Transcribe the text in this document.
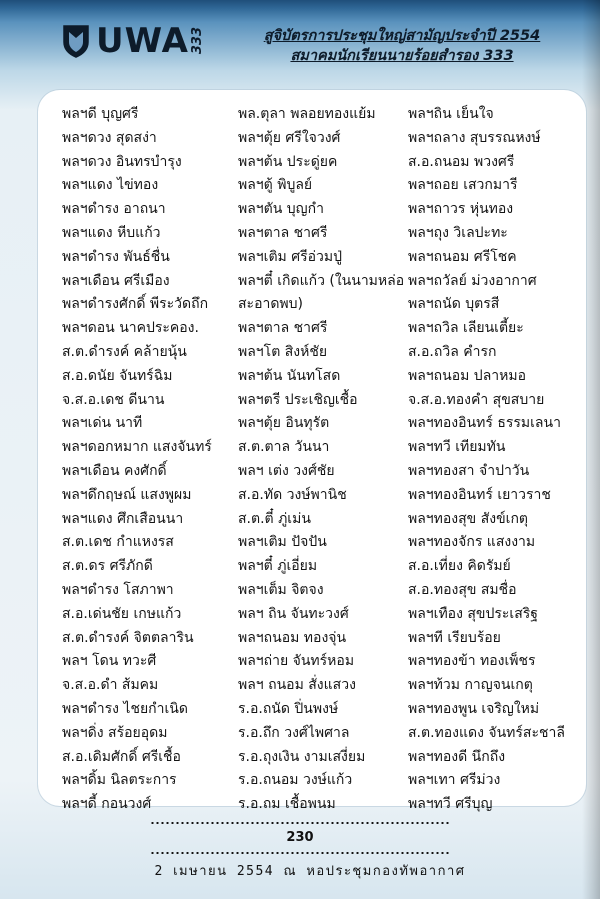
UWA 333	สูจิบัตรการประชุมใหญ่สามัญประจำปี 2554
สมาคมนักเรียนนายร้อยสำรอง 333
พลฯดี บุญศรี
พลฯดวง สุดสง่า
พลฯดวง อินทรบำรุง
พลฯแดง ไข่ทอง
พลฯดำรง อาถนา
พลฯแดง หีบแก้ว
พลฯดำรง พันธ์ชื่น
พลฯเดือน ศรีเมือง
พลฯดำรงศักดิ์ พีระวัดถึก
พลฯดอน นาคประคอง.
ส.ต.ดำรงค์ คล้ายนุ้น
ส.อ.ดนัย จันทร์ฉิม
จ.ส.อ.เดช ดีนาน
พลฯเด่น นาที
พลฯดอกหมาก แสงจันทร์
พลฯเดือน คงศักดิ์
พลฯดึกฤษณ์ แสงพูผม
พลฯแดง ศึกเสือนนา
ส.ต.เดช กำแหงรส
ส.ต.ดร ศรีภักดี
พลฯดำรง โสภาพา
ส.อ.เด่นชัย เกษแก้ว
ส.ต.ดำรงค์ จิตตลาริน
พลฯ โดน ทวะศี
จ.ส.อ.ดำ ส้มคม
พลฯดำรง ไชยกำเนิด
พลฯดิ่ง สร้อยอุดม
ส.อ.เดิมศักดิ์ ศรีเชื้อ
พลฯดิ้ม นิลตระการ
พลฯดี้ กอนวงศ์
พล.ตุลา พลอยทองแย้ม
พลฯตุ้ย ศรีใจวงศ์
พลฯต้น ประดู่ยค
พลฯตู้ พิบูลย์
พลฯตัน บุญกำ
พลฯตาล ชาศรี
พลฯเติม ศรีอ่วมปู่
พลฯตี๋ เกิดแก้ว (ในนามหล่อ
สะอาดพบ)
พลฯตาล ชาศรี
พลฯโต สิงห์ชัย
พลฯต้น นันทโสด
พลฯตรี ประเชิญเชื้อ
พลฯตุ้ย อินทุรัต
ส.ต.ตาล วันนา
พลฯ เต่ง วงศ์ชัย
ส.อ.ทัด วงษ์พานิช
ส.ต.ตี๋ ภู่เม่น
พลฯเติม ปัจปัน
พลฯตี๋ ภู่เอี่ยม
พลฯเต็ม จิตจง
พลฯ ถิน จันทะวงศ์
พลฯถนอม ทองจุ่น
พลฯถ่าย จันทร์หอม
พลฯ ถนอม สั่งแสวง
ร.อ.ถนัด ปิ่นพงษ์
ร.อ.ถึก วงศ์ไพศาล
ร.อ.ถุงเงิน งามเสงี่ยม
ร.อ.ถนอม วงษ์แก้ว
ร.อ.ถม เชื้อพนม
พลฯถิน เย็นใจ
พลฯถลาง สุบรรณหงษ์
ส.อ.ถนอม พวงศรี
พลฯถอย เสวกมารี
พลฯถาวร หุ่นทอง
พลฯถุง วิเลปะทะ
พลฯถนอม ศรีโชค
พลฯถวัลย์ ม่วงอากาศ
พลฯถนัด บุตรสี
พลฯถวิล เลียนเตี้ยะ
ส.อ.ถวิล คำรก
พลฯถนอม ปลาหมอ
จ.ส.อ.ทองคำ สุขสบาย
พลฯทองอินทร์ ธรรมเลนา
พลฯทวี เทียมทัน
พลฯทองสา จำปาวัน
พลฯทองอินทร์ เยาวราช
พลฯทองสุข สังข์เกตุ
พลฯทองจักร แสงงาม
ส.อ.เที่ยง คิดรัมย์
ส.อ.ทองสุข สมชื่อ
พลฯเทือง สุขประเสริฐ
พลฯที เรียบร้อย
พลฯทองข้า ทองเพ็ชร
พลฯท้วม กาญจนเกตุ
พลฯทองพูน เจริญใหม่
ส.ต.ทองแดง จันทร์สะชาลี
พลฯทองดี นึกถึง
พลฯเทา ศรีม่วง
พลฯทวี ศรีบุญ
230
2 เมษายน 2554 ณ หอประชุมกองทัพอากาศ
